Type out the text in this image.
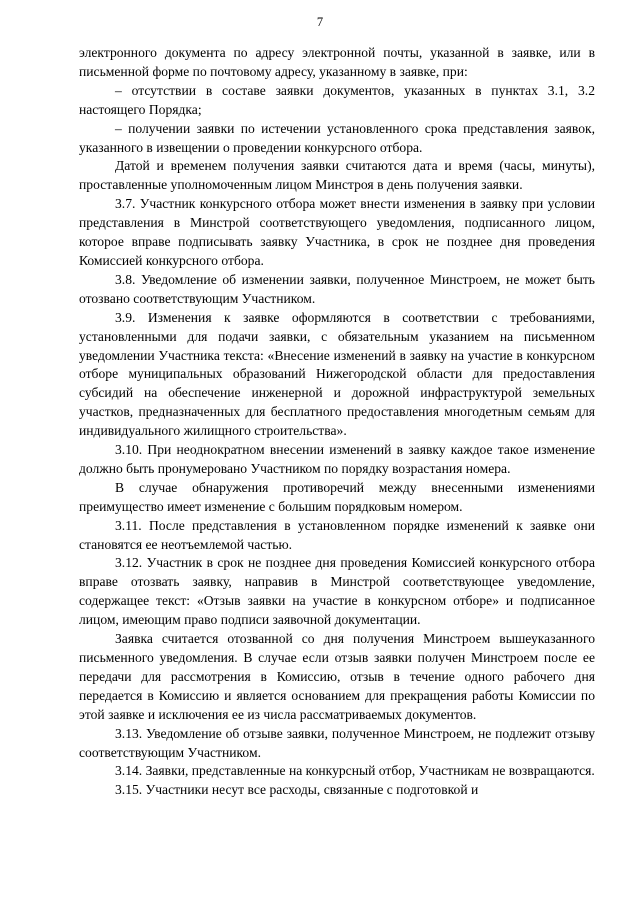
7

электронного документа по адресу электронной почты, указанной в заявке, или в письменной форме по почтовому адресу, указанному в заявке, при:

– отсутствии в составе заявки документов, указанных в пунктах 3.1, 3.2 настоящего Порядка;

– получении заявки по истечении установленного срока представления заявок, указанного в извещении о проведении конкурсного отбора.

Датой и временем получения заявки считаются дата и время (часы, минуты), проставленные уполномоченным лицом Минстроя в день получения заявки.

3.7. Участник конкурсного отбора может внести изменения в заявку при условии представления в Минстрой соответствующего уведомления, подписанного лицом, которое вправе подписывать заявку Участника, в срок не позднее дня проведения Комиссией конкурсного отбора.

3.8. Уведомление об изменении заявки, полученное Минстроем, не может быть отозвано соответствующим Участником.

3.9. Изменения к заявке оформляются в соответствии с требованиями, установленными для подачи заявки, с обязательным указанием на письменном уведомлении Участника текста: «Внесение изменений в заявку на участие в конкурсном отборе муниципальных образований Нижегородской области для предоставления субсидий на обеспечение инженерной и дорожной инфраструктурой земельных участков, предназначенных для бесплатного предоставления многодетным семьям для индивидуального жилищного строительства».

3.10. При неоднократном внесении изменений в заявку каждое такое изменение должно быть пронумеровано Участником по порядку возрастания номера.

В случае обнаружения противоречий между внесенными изменениями преимущество имеет изменение с большим порядковым номером.

3.11. После представления в установленном порядке изменений к заявке они становятся ее неотъемлемой частью.

3.12. Участник в срок не позднее дня проведения Комиссией конкурсного отбора вправе отозвать заявку, направив в Минстрой соответствующее уведомление, содержащее текст: «Отзыв заявки на участие в конкурсном отборе» и подписанное лицом, имеющим право подписи заявочной документации.

Заявка считается отозванной со дня получения Минстроем вышеуказанного письменного уведомления. В случае если отзыв заявки получен Минстроем после ее передачи для рассмотрения в Комиссию, отзыв в течение одного рабочего дня передается в Комиссию и является основанием для прекращения работы Комиссии по этой заявке и исключения ее из числа рассматриваемых документов.

3.13. Уведомление об отзыве заявки, полученное Минстроем, не подлежит отзыву соответствующим Участником.

3.14. Заявки, представленные на конкурсный отбор, Участникам не возвращаются.

3.15. Участники несут все расходы, связанные с подготовкой и
